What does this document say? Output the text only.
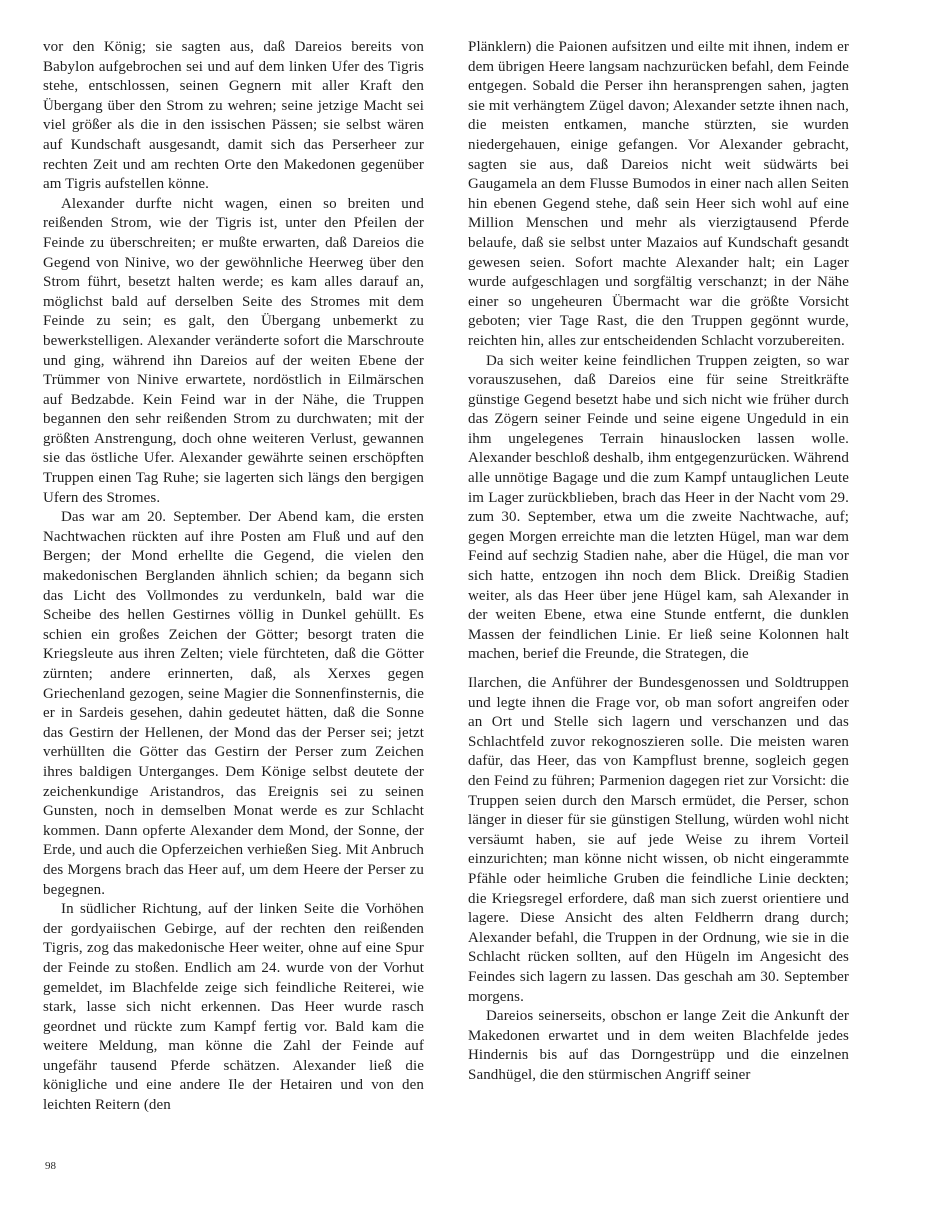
vor den König; sie sagten aus, daß Dareios bereits von Babylon aufgebrochen sei und auf dem linken Ufer des Tigris stehe, entschlossen, seinen Gegnern mit aller Kraft den Übergang über den Strom zu wehren; seine jetzige Macht sei viel größer als die in den issischen Pässen; sie selbst wären auf Kundschaft ausgesandt, damit sich das Perserheer zur rechten Zeit und am rechten Orte den Makedonen gegenüber am Tigris aufstellen könne.

Alexander durfte nicht wagen, einen so breiten und reißenden Strom, wie der Tigris ist, unter den Pfeilen der Feinde zu überschreiten; er mußte erwarten, daß Dareios die Gegend von Ninive, wo der gewöhnliche Heerweg über den Strom führt, besetzt halten werde; es kam alles darauf an, möglichst bald auf derselben Seite des Stromes mit dem Feinde zu sein; es galt, den Übergang unbemerkt zu bewerkstelligen. Alexander veränderte sofort die Marschroute und ging, während ihn Dareios auf der weiten Ebene der Trümmer von Ninive erwartete, nordöstlich in Eilmärschen auf Bedzabde. Kein Feind war in der Nähe, die Truppen begannen den sehr reißenden Strom zu durchwaten; mit der größten Anstrengung, doch ohne weiteren Verlust, gewannen sie das östliche Ufer. Alexander gewährte seinen erschöpften Truppen einen Tag Ruhe; sie lagerten sich längs den bergigen Ufern des Stromes.

Das war am 20. September. Der Abend kam, die ersten Nachtwachen rückten auf ihre Posten am Fluß und auf den Bergen; der Mond erhellte die Gegend, die vielen den makedonischen Berglanden ähnlich schien; da begann sich das Licht des Vollmondes zu verdunkeln, bald war die Scheibe des hellen Gestirnes völlig in Dunkel gehüllt. Es schien ein großes Zeichen der Götter; besorgt traten die Kriegsleute aus ihren Zelten; viele fürchteten, daß die Götter zürnten; andere erinnerten, daß, als Xerxes gegen Griechenland gezogen, seine Magier die Sonnenfinsternis, die er in Sardeis gesehen, dahin gedeutet hätten, daß die Sonne das Gestirn der Hellenen, der Mond das der Perser sei; jetzt verhüllten die Götter das Gestirn der Perser zum Zeichen ihres baldigen Unterganges. Dem Könige selbst deutete der zeichenkundige Aristandros, das Ereignis sei zu seinen Gunsten, noch in demselben Monat werde es zur Schlacht kommen. Dann opferte Alexander dem Mond, der Sonne, der Erde, und auch die Opferzeichen verhießen Sieg. Mit Anbruch des Morgens brach das Heer auf, um dem Heere der Perser zu begegnen.

In südlicher Richtung, auf der linken Seite die Vorhöhen der gordyaiischen Gebirge, auf der rechten den reißenden Tigris, zog das makedonische Heer weiter, ohne auf eine Spur der Feinde zu stoßen. Endlich am 24. wurde von der Vorhut gemeldet, im Blachfelde zeige sich feindliche Reiterei, wie stark, lasse sich nicht erkennen. Das Heer wurde rasch geordnet und rückte zum Kampf fertig vor. Bald kam die weitere Meldung, man könne die Zahl der Feinde auf ungefähr tausend Pferde schätzen. Alexander ließ die königliche und eine andere Ile der Hetairen und von den leichten Reitern (den

Plänklern) die Paionen aufsitzen und eilte mit ihnen, indem er dem übrigen Heere langsam nachzurücken befahl, dem Feinde entgegen. Sobald die Perser ihn heransprengen sahen, jagten sie mit verhängtem Zügel davon; Alexander setzte ihnen nach, die meisten entkamen, manche stürzten, sie wurden niedergehauen, einige gefangen. Vor Alexander gebracht, sagten sie aus, daß Dareios nicht weit südwärts bei Gaugamela an dem Flusse Bumodos in einer nach allen Seiten hin ebenen Gegend stehe, daß sein Heer sich wohl auf eine Million Menschen und mehr als vierzigtausend Pferde belaufe, daß sie selbst unter Mazaios auf Kundschaft gesandt gewesen seien. Sofort machte Alexander halt; ein Lager wurde aufgeschlagen und sorgfältig verschanzt; in der Nähe einer so ungeheuren Übermacht war die größte Vorsicht geboten; vier Tage Rast, die den Truppen gegönnt wurde, reichten hin, alles zur entscheidenden Schlacht vorzubereiten.

Da sich weiter keine feindlichen Truppen zeigten, so war vorauszusehen, daß Dareios eine für seine Streitkräfte günstige Gegend besetzt habe und sich nicht wie früher durch das Zögern seiner Feinde und seine eigene Ungeduld in ein ihm ungelegenes Terrain hinauslocken lassen wolle. Alexander beschloß deshalb, ihm entgegenzurücken. Während alle unnötige Bagage und die zum Kampf untauglichen Leute im Lager zurückblieben, brach das Heer in der Nacht vom 29. zum 30. September, etwa um die zweite Nachtwache, auf; gegen Morgen erreichte man die letzten Hügel, man war dem Feind auf sechzig Stadien nahe, aber die Hügel, die man vor sich hatte, entzogen ihn noch dem Blick. Dreißig Stadien weiter, als das Heer über jene Hügel kam, sah Alexander in der weiten Ebene, etwa eine Stunde entfernt, die dunklen Massen der feindlichen Linie. Er ließ seine Kolonnen halt machen, berief die Freunde, die Strategen, die

Ilarchen, die Anführer der Bundesgenossen und Soldtruppen und legte ihnen die Frage vor, ob man sofort angreifen oder an Ort und Stelle sich lagern und verschanzen und das Schlachtfeld zuvor rekognoszieren solle. Die meisten waren dafür, das Heer, das von Kampflust brenne, sogleich gegen den Feind zu führen; Parmenion dagegen riet zur Vorsicht: die Truppen seien durch den Marsch ermüdet, die Perser, schon länger in dieser für sie günstigen Stellung, würden wohl nicht versäumt haben, sie auf jede Weise zu ihrem Vorteil einzurichten; man könne nicht wissen, ob nicht eingerammte Pfähle oder heimliche Gruben die feindliche Linie deckten; die Kriegsregel erfordere, daß man sich zuerst orientiere und lagere. Diese Ansicht des alten Feldherrn drang durch; Alexander befahl, die Truppen in der Ordnung, wie sie in die Schlacht rücken sollten, auf den Hügeln im Angesicht des Feindes sich lagern zu lassen. Das geschah am 30. September morgens.

Dareios seinerseits, obschon er lange Zeit die Ankunft der Makedonen erwartet und in dem weiten Blachfelde jedes Hindernis bis auf das Dorngestrüpp und die einzelnen Sandhügel, die den stürmischen Angriff seiner

98
